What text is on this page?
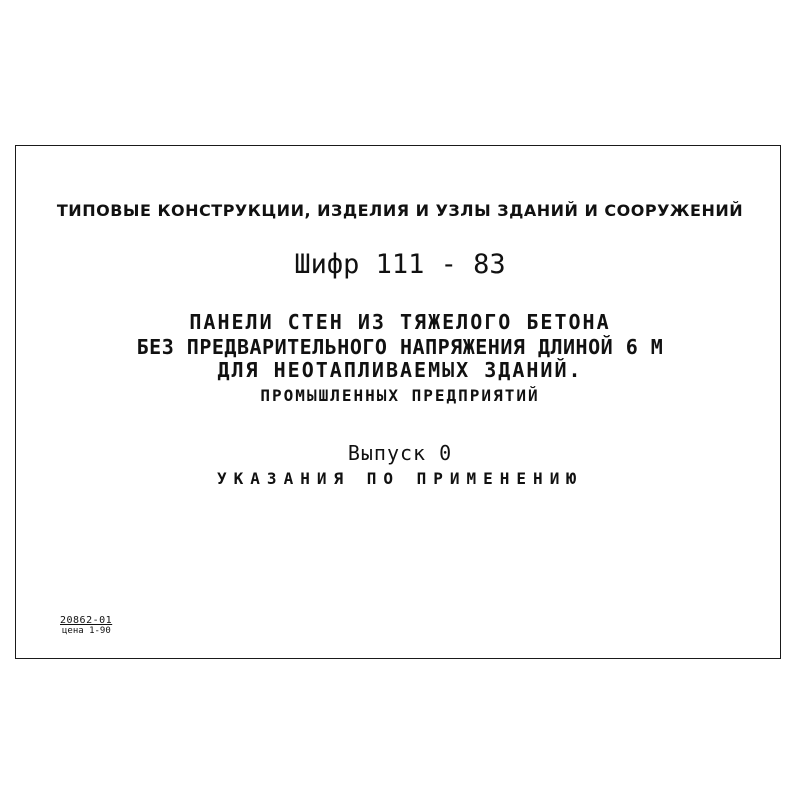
ТИПОВЫЕ КОНСТРУКЦИИ, ИЗДЕЛИЯ И УЗЛЫ ЗДАНИЙ И СООРУЖЕНИЙ
Шифр 111 - 83
ПАНЕЛИ СТЕН ИЗ ТЯЖЕЛОГО БЕТОНА
БЕЗ ПРЕДВАРИТЕЛЬНОГО НАПРЯЖЕНИЯ ДЛИНОЙ 6 М
ДЛЯ НЕОТАПЛИВАЕМЫХ ЗДАНИЙ.
ПРОМЫШЛЕННЫХ ПРЕДПРИЯТИЙ
Выпуск 0
УКАЗАНИЯ ПО ПРИМЕНЕНИЮ
20862-01
цена 1-90
